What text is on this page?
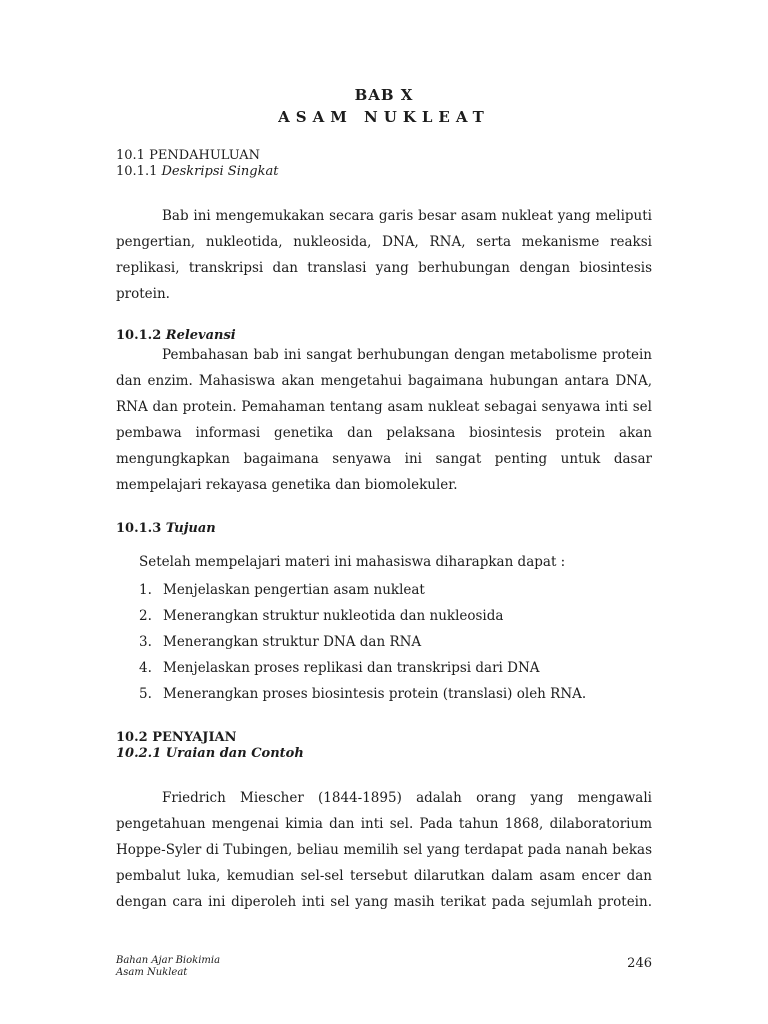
BAB X
ASAM NUKLEAT
10.1 PENDAHULUAN
10.1.1 Deskripsi Singkat
Bab ini mengemukakan secara garis besar asam nukleat yang meliputi
pengertian, nukleotida, nukleosida, DNA, RNA, serta mekanisme reaksi
replikasi, transkripsi dan translasi yang berhubungan dengan biosintesis
protein.
10.1.2 Relevansi
Pembahasan bab ini sangat berhubungan dengan metabolisme protein
dan enzim. Mahasiswa akan mengetahui bagaimana hubungan antara DNA,
RNA dan protein. Pemahaman tentang asam nukleat sebagai senyawa inti sel
pembawa informasi genetika dan pelaksana biosintesis protein akan
mengungkapkan bagaimana senyawa ini sangat penting untuk dasar
mempelajari rekayasa genetika dan biomolekuler.
10.1.3 Tujuan
Setelah mempelajari materi ini mahasiswa diharapkan dapat :
1. Menjelaskan pengertian asam nukleat
2. Menerangkan struktur nukleotida dan nukleosida
3. Menerangkan struktur DNA dan RNA
4. Menjelaskan proses replikasi dan transkripsi dari DNA
5. Menerangkan proses biosintesis protein (translasi) oleh RNA.
10.2 PENYAJIAN
10.2.1 Uraian dan Contoh
Friedrich Miescher (1844-1895) adalah orang yang mengawali
pengetahuan mengenai kimia dan inti sel. Pada tahun 1868, dilaboratorium
Hoppe-Syler di Tubingen, beliau memilih sel yang terdapat pada nanah bekas
pembalut luka, kemudian sel-sel tersebut dilarutkan dalam asam encer dan
dengan cara ini diperoleh inti sel yang masih terikat pada sejumlah protein.
Bahan Ajar Biokimia
Asam Nukleat
246
